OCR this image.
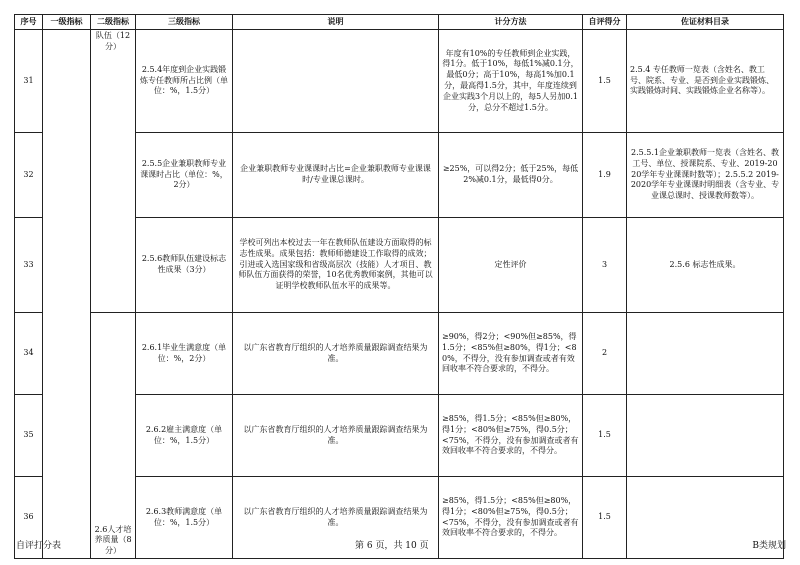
序号	一级指标	二级指标	三级指标	说明	计分方法	自评得分	佐证材料目录
31		队伍（12分）	2.5.4年度到企业实践锻炼专任教师所占比例（单位：%，1.5分）		年度有10%的专任教师到企业实践，得1分。低于10%，每低1%减0.1分，最低0分；高于10%，每高1%加0.1分，最高得1.5分，其中，年度连续到企业实践3个月以上的，每5人另加0.1分，总分不超过1.5分。	1.5	2.5.4 专任教师一览表（含姓名、教工号、院系、专业、是否到企业实践锻炼、实践锻炼时间、实践锻炼企业名称等）。
32			2.5.5企业兼职教师专业课课时占比（单位：%，2分）	企业兼职教师专业课课时占比=企业兼职教师专业课课时/专业课总课时。	≥25%，可以得2分；低于25%，每低2%减0.1分，最低得0分。	1.9	2.5.5.1企业兼职教师一览表（含姓名、教工号、单位、授课院系、专业、2019-2020学年专业课课时数等）；2.5.5.2 2019-2020学年专业课课时明细表（含专业、专业课总课时、授课教师数等）。
33			2.5.6教师队伍建设标志性成果（3分）	学校可列出本校过去一年在教师队伍建设方面取得的标志性成果。成果包括：教师师德建设工作取得的成效；引进或入选国家级和省级高层次（技能）人才项目、教师队伍方面获得的荣誉，10名优秀教师案例，其他可以证明学校教师队伍水平的成果等。	定性评价	3	2.5.6 标志性成果。
34		2.6人才培养质量（8分）	2.6.1毕业生满意度（单位：%，2分）	以广东省教育厅组织的人才培养质量跟踪调查结果为准。	≥90%，得2分；<90%但≥85%，得1.5分；<85%但≥80%，得1分；<80%，不得分，没有参加调查或者有效回收率不符合要求的，不得分。	2	
35			2.6.2雇主满意度（单位：%，1.5分）	以广东省教育厅组织的人才培养质量跟踪调查结果为准。	≥85%，得1.5分；<85%但≥80%，得1分；<80%但≥75%，得0.5分；<75%，不得分，没有参加调查或者有效回收率不符合要求的，不得分。	1.5	
36			2.6.3教师满意度（单位：%，1.5分）	以广东省教育厅组织的人才培养质量跟踪调查结果为准。	≥85%，得1.5分；<85%但≥80%，得1分；<80%但≥75%，得0.5分；<75%，不得分，没有参加调查或者有效回收率不符合要求的，不得分。	1.5	
自评打分表	第 6 页，共 10 页	B类规划
